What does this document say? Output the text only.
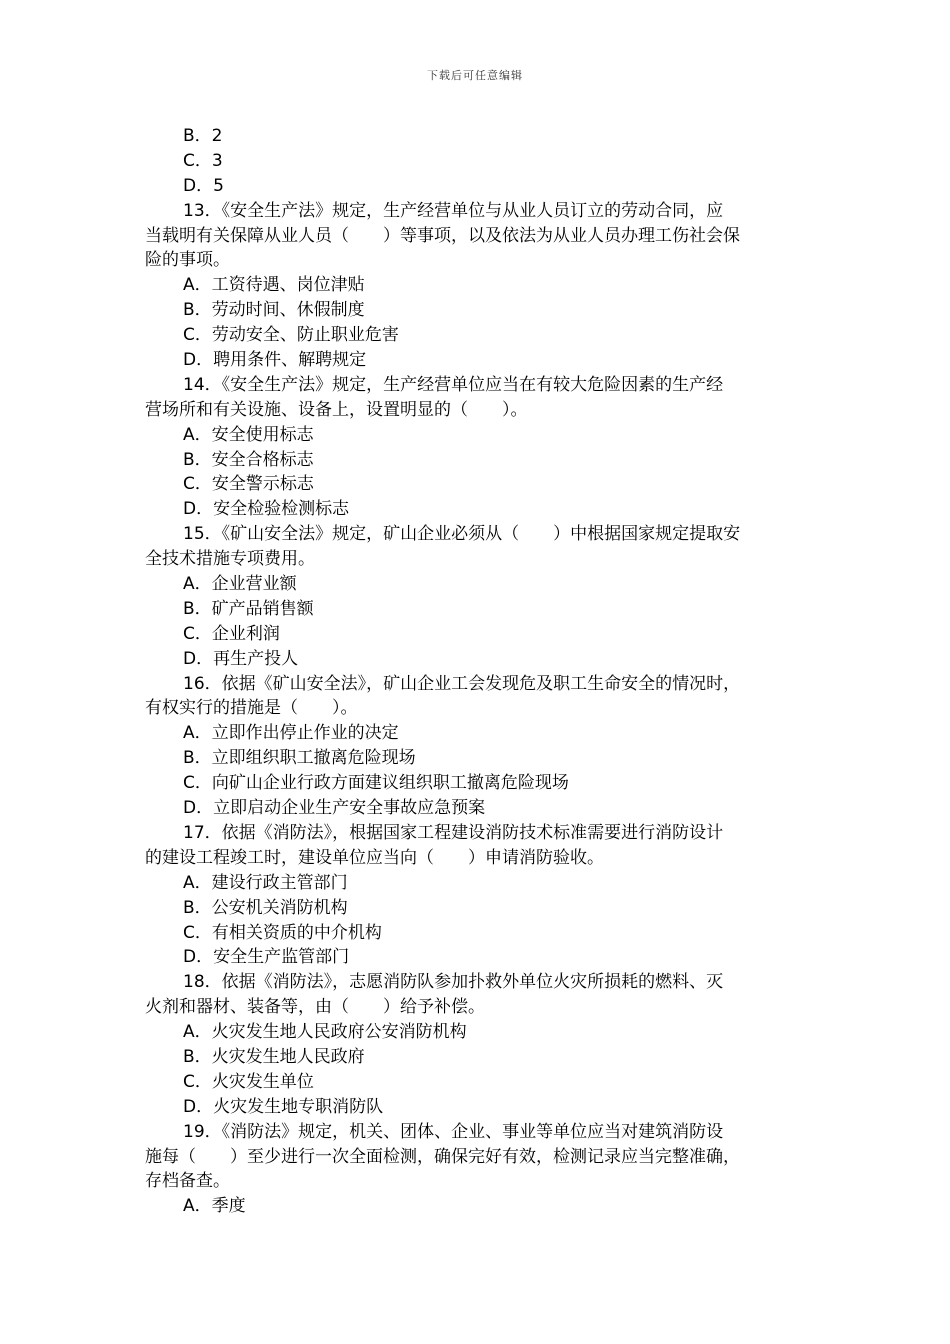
下载后可任意编辑
B．2
C．3
D．5
13．《安全生产法》规定，生产经营单位与从业人员订立的劳动合同，应
当载明有关保障从业人员（　　）等事项，以及依法为从业人员办理工伤社会保
险的事项。
A．工资待遇、岗位津贴
B．劳动时间、休假制度
C．劳动安全、防止职业危害
D．聘用条件、解聘规定
14．《安全生产法》规定，生产经营单位应当在有较大危险因素的生产经
营场所和有关设施、设备上，设置明显的（　　）。
A．安全使用标志
B．安全合格标志
C．安全警示标志
D．安全检验检测标志
15．《矿山安全法》规定，矿山企业必须从（　　）中根据国家规定提取安
全技术措施专项费用。
A．企业营业额
B．矿产品销售额
C．企业利润
D．再生产投人
16．依据《矿山安全法》，矿山企业工会发现危及职工生命安全的情况时，
有权实行的措施是（　　）。
A．立即作出停止作业的决定
B．立即组织职工撤离危险现场
C．向矿山企业行政方面建议组织职工撤离危险现场
D．立即启动企业生产安全事故应急预案
17．依据《消防法》，根据国家工程建设消防技术标准需要进行消防设计
的建设工程竣工时，建设单位应当向（　　）申请消防验收。
A．建设行政主管部门
B．公安机关消防机构
C．有相关资质的中介机构
D．安全生产监管部门
18．依据《消防法》，志愿消防队参加扑救外单位火灾所损耗的燃料、灭
火剂和器材、装备等，由（　　）给予补偿。
A．火灾发生地人民政府公安消防机构
B．火灾发生地人民政府
C．火灾发生单位
D．火灾发生地专职消防队
19．《消防法》规定，机关、团体、企业、事业等单位应当对建筑消防设
施每（　　）至少进行一次全面检测，确保完好有效，检测记录应当完整准确，
存档备查。
A．季度
